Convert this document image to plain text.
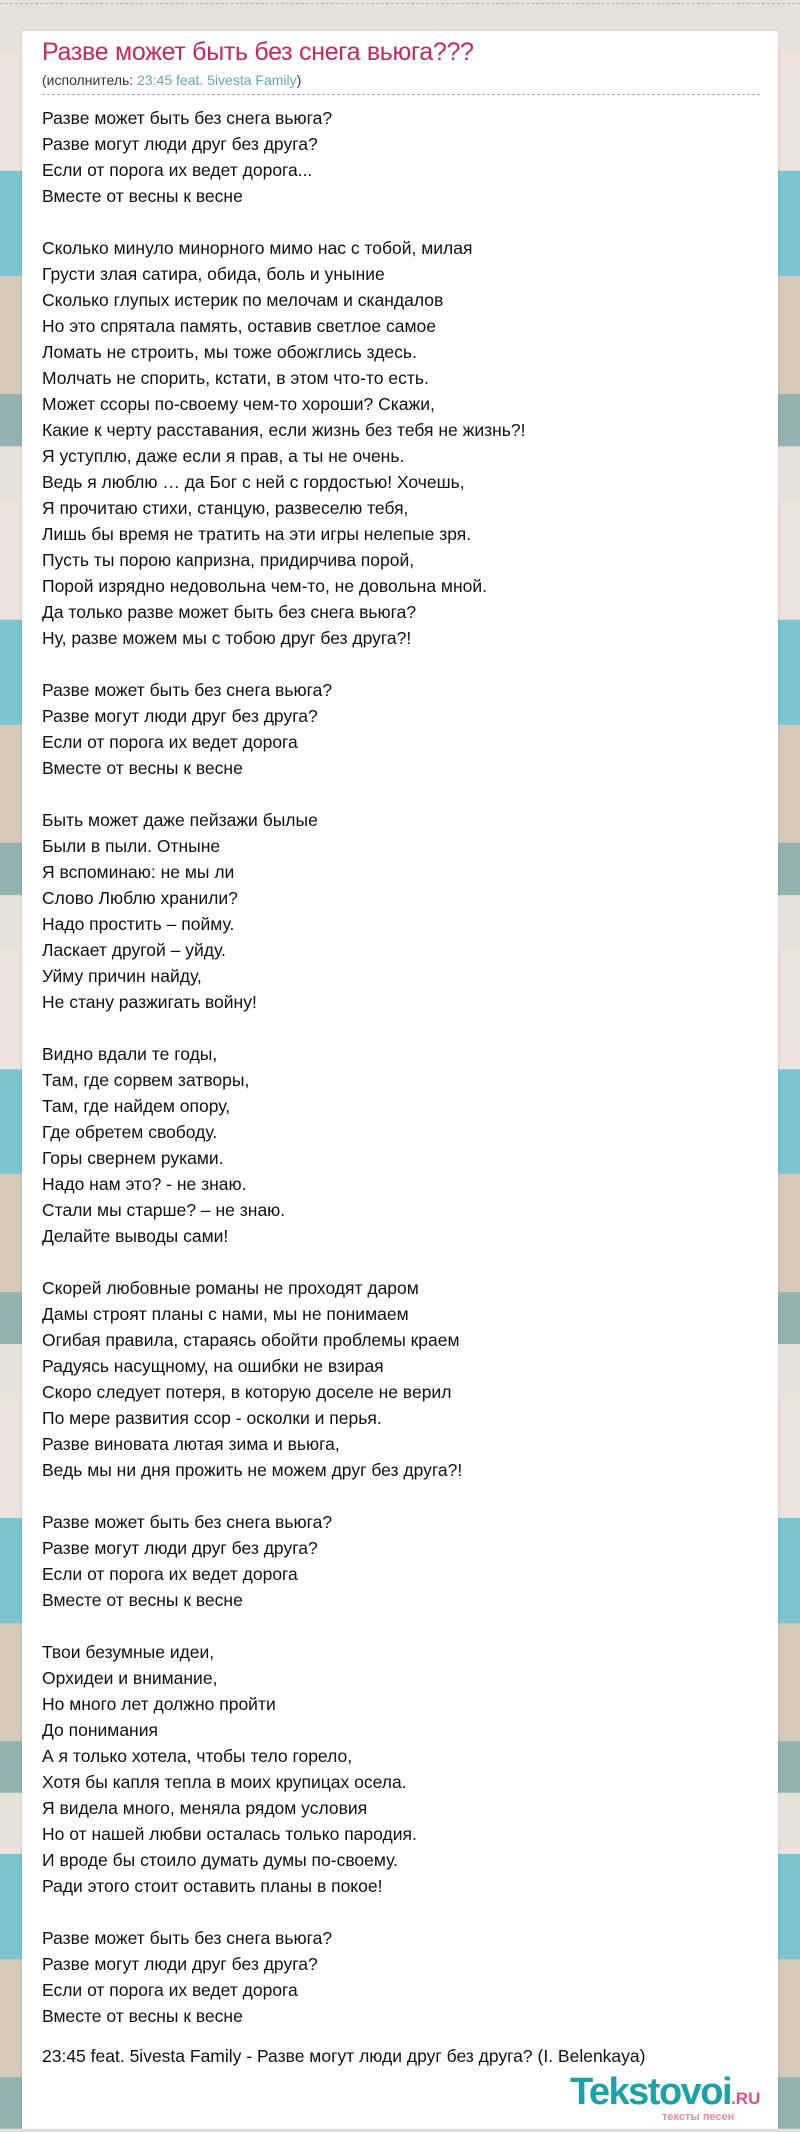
Разве может быть без снега вьюга???
(исполнитель: 23:45 feat. 5ivesta Family)
Разве может быть без снега вьюга?
Разве могут люди друг без друга?
Если от порога их ведет дорога...
Вместе от весны к весне
Сколько минуло минорного мимо нас с тобой, милая
Грусти злая сатира, обида, боль и уныние
Сколько глупых истерик по мелочам и скандалов
Но это спрятала память, оставив светлое самое
Ломать не строить, мы тоже обожглись здесь.
Молчать не спорить, кстати, в этом что-то есть.
Может ссоры по-своему чем-то хороши? Скажи,
Какие к черту расставания, если жизнь без тебя не жизнь?!
Я уступлю, даже если я прав, а ты не очень.
Ведь я люблю … да Бог с ней с гордостью! Хочешь,
Я прочитаю стихи, станцую, развеселю тебя,
Лишь бы время не тратить на эти игры нелепые зря.
Пусть ты порою капризна, придирчива порой,
Порой изрядно недовольна чем-то, не довольна мной.
Да только разве может быть без снега вьюга?
Ну, разве можем мы с тобою друг без друга?!
Разве может быть без снега вьюга?
Разве могут люди друг без друга?
Если от порога их ведет дорога
Вместе от весны к весне
Быть может даже пейзажи былые
Были в пыли. Отныне
Я вспоминаю: не мы ли
Слово Люблю хранили?
Надо простить – пойму.
Ласкает другой – уйду.
Уйму причин найду,
Не стану разжигать войну!
Видно вдали те годы,
Там, где сорвем затворы,
Там, где найдем опору,
Где обретем свободу.
Горы свернем руками.
Надо нам это? - не знаю.
Стали мы старше? – не знаю.
Делайте выводы сами!
Скорей любовные романы не проходят даром
Дамы строят планы с нами, мы не понимаем
Огибая правила, стараясь обойти проблемы краем
Радуясь насущному, на ошибки не взирая
Скоро следует потеря, в которую доселе не верил
По мере развития ссор - осколки и перья.
Разве виновата лютая зима и вьюга,
Ведь мы ни дня прожить не можем друг без друга?!
Разве может быть без снега вьюга?
Разве могут люди друг без друга?
Если от порога их ведет дорога
Вместе от весны к весне
Твои безумные идеи,
Орхидеи и внимание,
Но много лет должно пройти
До понимания
А я только хотела, чтобы тело горело,
Хотя бы капля тепла в моих крупицах осела.
Я видела много, меняла рядом условия
Но от нашей любви осталась только пародия.
И вроде бы стоило думать думы по-своему.
Ради этого стоит оставить планы в покое!
Разве может быть без снега вьюга?
Разве могут люди друг без друга?
Если от порога их ведет дорога
Вместе от весны к весне
23:45 feat. 5ivesta Family - Разве могут люди друг без друга? (I. Belenkaya)
Tekstovoi.RU
тексты песен
